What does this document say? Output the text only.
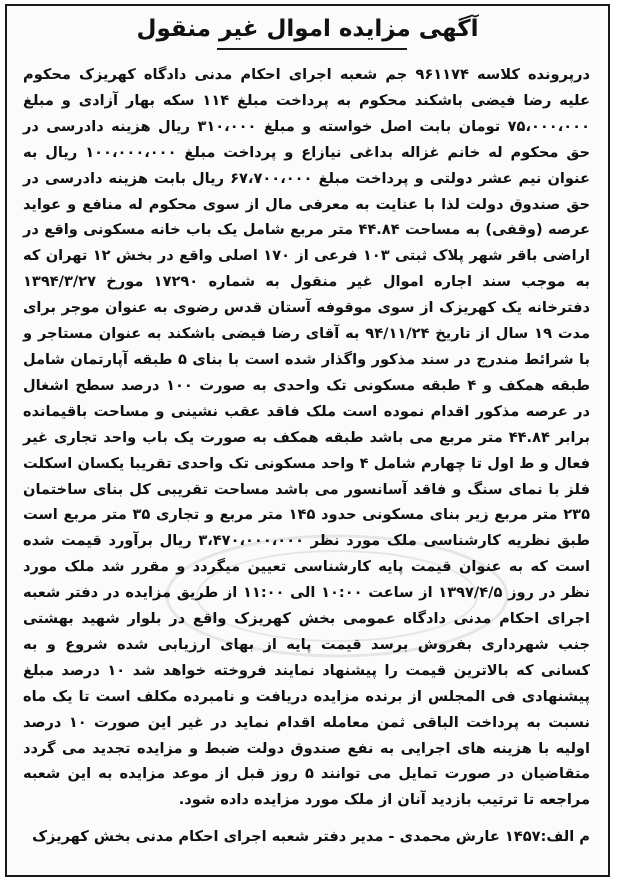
آگهی مزایده اموال غیر منقول
درپرونده کلاسه ۹۶۱۱۷۴ جم شعبه اجرای احکام مدنی دادگاه کهریزک محکوم علیه رضا فیضی باشکند محکوم به پرداخت مبلغ ۱۱۴ سکه بهار آزادی و مبلغ ۷۵،۰۰۰،۰۰۰ تومان بابت اصل خواسته و مبلغ ۳۱۰،۰۰۰ ریال هزینه دادرسی در حق محکوم له خانم غزاله بداغی نیازاع و پرداخت مبلغ ۱۰۰،۰۰۰،۰۰۰ ریال به عنوان نیم عشر دولتی و پرداخت مبلغ ۶۷،۷۰۰،۰۰۰ ریال بابت هزینه دادرسی در حق صندوق دولت لذا با عنایت به معرفی مال از سوی محکوم له منافع و عواید عرصه (وقفی) به مساحت ۴۴.۸۴ متر مربع شامل یک باب خانه مسکونی واقع در اراضی باقر شهر پلاک ثبتی ۱۰۳ فرعی از ۱۷۰ اصلی واقع در بخش ۱۲ تهران که به موجب سند اجاره اموال غیر منقول به شماره ۱۷۲۹۰ مورخ ۱۳۹۴/۳/۲۷ دفترخانه یک کهریزک از سوی موقوفه آستان قدس رضوی به عنوان موجر برای مدت ۱۹ سال از تاریخ ۹۴/۱۱/۲۴ به آقای رضا فیضی باشکند به عنوان مستاجر و با شرائط مندرج در سند مذکور واگذار شده است با بنای ۵ طبقه آپارتمان شامل طبقه همکف و ۴ طبقه مسکونی تک واحدی به صورت ۱۰۰ درصد سطح اشغال در عرصه مذکور اقدام نموده است ملک فاقد عقب نشینی و مساحت باقیمانده برابر ۴۴.۸۴ متر مربع می باشد طبقه همکف به صورت یک باب واحد تجاری غیر فعال و ط اول تا چهارم شامل ۴ واحد مسکونی تک واحدی تقریبا یکسان اسکلت فلز با نمای سنگ و فاقد آسانسور می باشد مساحت تقریبی کل بنای ساختمان ۲۳۵ متر مربع زیر بنای مسکونی حدود ۱۴۵ متر مربع و تجاری ۳۵ متر مربع است طبق نظریه کارشناسی ملک مورد نظر ۳،۴۷۰،۰۰۰،۰۰۰ ریال برآورد قیمت شده است که به عنوان قیمت پایه کارشناسی تعیین میگردد و مقرر شد ملک مورد نظر در روز ۱۳۹۷/۴/۵ از ساعت ۱۰:۰۰ الی ۱۱:۰۰ از طریق مزایده در دفتر شعبه اجرای احکام مدنی دادگاه عمومی بخش کهریزک واقع در بلوار شهید بهشتی جنب شهرداری بفروش برسد قیمت پایه از بهای ارزیابی شده شروع و به کسانی که بالاترین قیمت را پیشنهاد نمایند فروخته خواهد شد ۱۰ درصد مبلغ پیشنهادی فی المجلس از برنده مزایده دریافت و نامبرده مکلف است تا یک ماه نسبت به پرداخت الباقی ثمن معامله اقدام نماید در غیر این صورت ۱۰ درصد اولیه با هزینه های اجرایی به نفع صندوق دولت ضبط و مزایده تجدید می گردد متقاضیان در صورت تمایل می توانند ۵ روز قبل از موعد مزایده به این شعبه مراجعه تا ترتیب بازدید آنان از ملک مورد مزایده داده شود.
م الف:۱۴۵۷ عارش محمدی - مدیر دفتر شعبه اجرای احکام مدنی بخش کهریزک
